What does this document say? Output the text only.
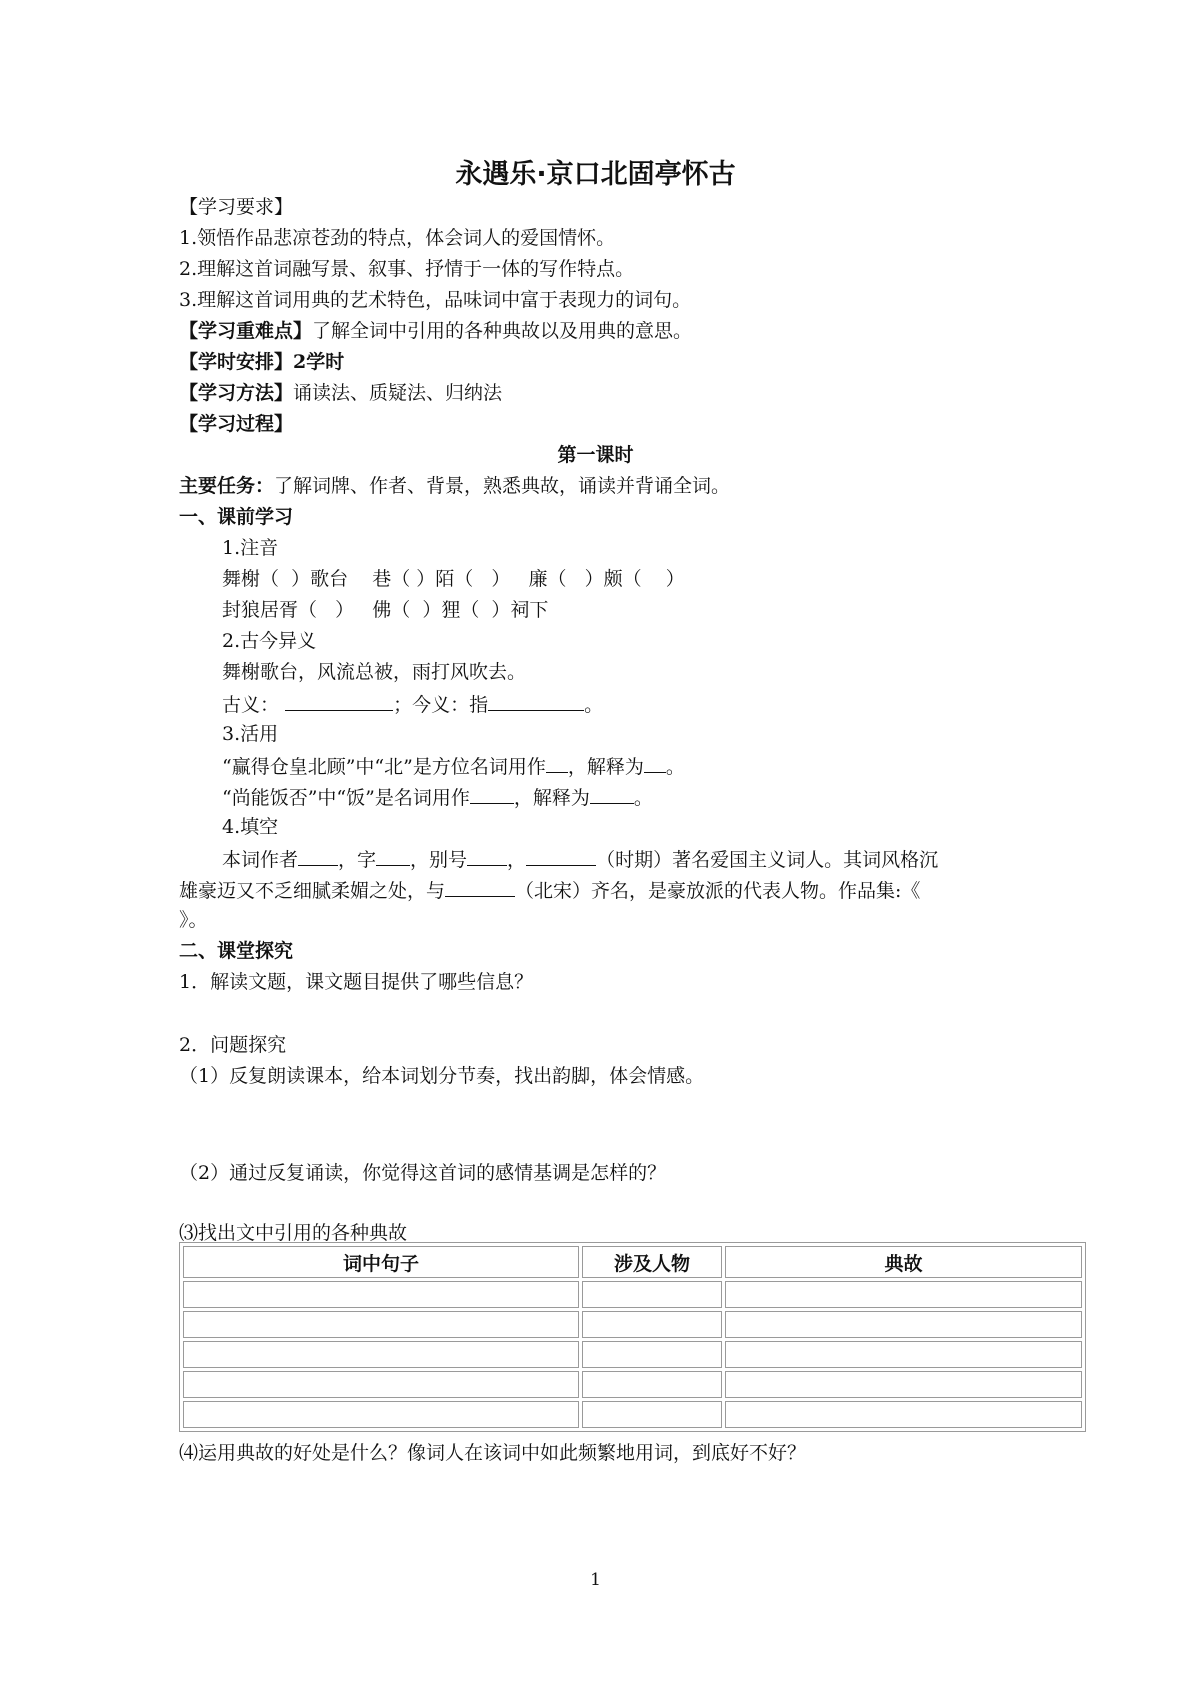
永遇乐·京口北固亭怀古
【学习要求】
1.领悟作品悲凉苍劲的特点，体会词人的爱国情怀。
2.理解这首词融写景、叙事、抒情于一体的写作特点。
3.理解这首词用典的艺术特色，品味词中富于表现力的词句。
【学习重难点】了解全词中引用的各种典故以及用典的意思。
【学时安排】2学时
【学习方法】诵读法、质疑法、归纳法
【学习过程】
第一课时
主要任务：了解词牌、作者、背景，熟悉典故，诵读并背诵全词。
一、课前学习
1.注音
舞榭（  ）歌台    巷（ ）陌（   ）   廉（   ）颇（    ）
封狼居胥（   ）   佛（  ）狸（  ）祠下
2.古今异义
舞榭歌台，风流总被，雨打风吹去。
古义：	；今义：指	。
3.活用
“赢得仓皇北顾”中“北”是方位名词用作 ，解释为 。
“尚能饭否”中“饭”是名词用作 ，解释为 。
4.填空
本词作者 ，字 ，别号 ，	（时期）著名爱国主义词人。其词风格沉
雄豪迈又不乏细腻柔媚之处，与	（北宋）齐名，是豪放派的代表人物。作品集:《
》。
二、课堂探究
1．解读文题，课文题目提供了哪些信息？
2．问题探究
（1）反复朗读课本，给本词划分节奏，找出韵脚，体会情感。
（2）通过反复诵读，你觉得这首词的感情基调是怎样的？
⑶找出文中引用的各种典故
词中句子	涉及人物	典故

⑷运用典故的好处是什么？像词人在该词中如此频繁地用词，到底好不好？
1
